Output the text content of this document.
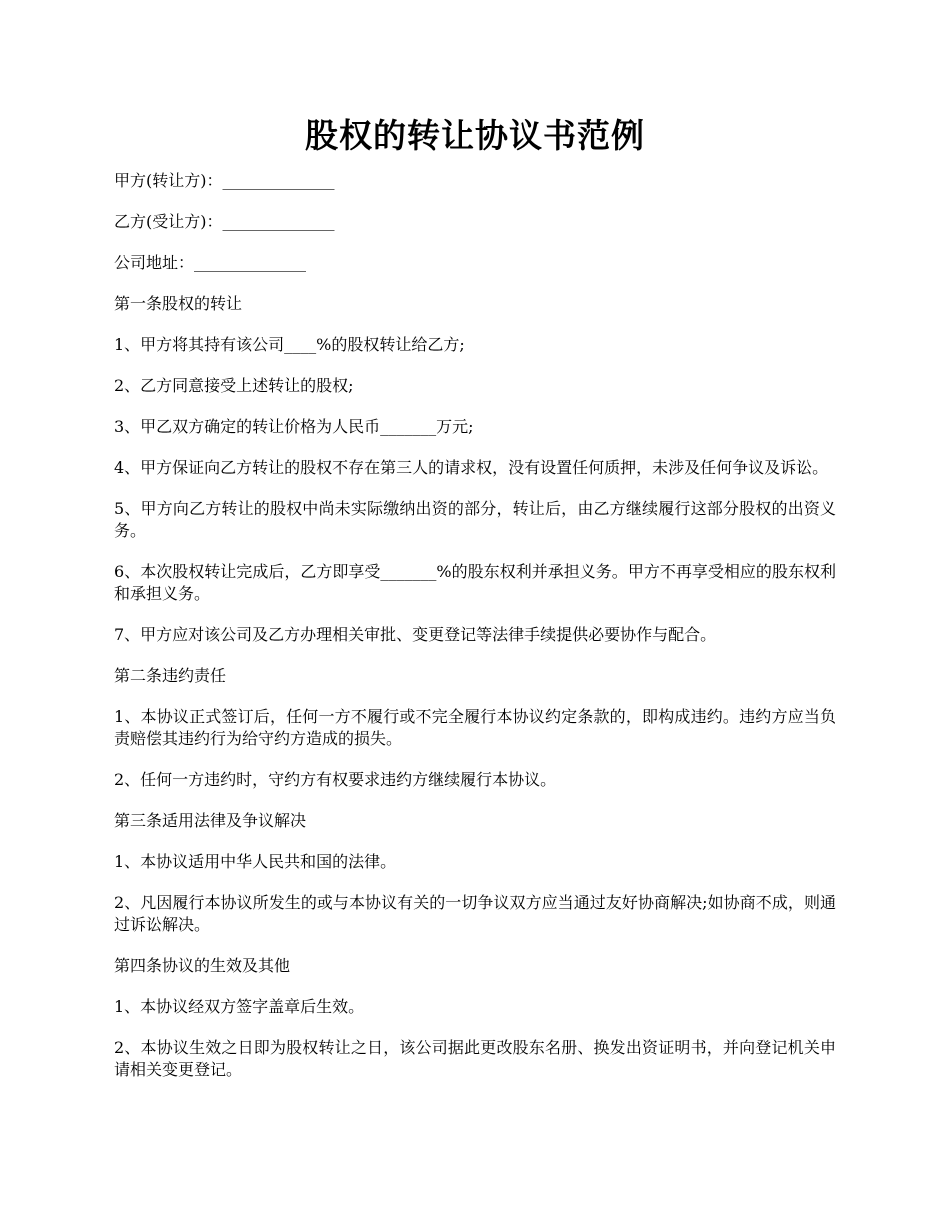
股权的转让协议书范例
甲方(转让方)：______________
乙方(受让方)：______________
公司地址：______________
第一条股权的转让
1、甲方将其持有该公司____%的股权转让给乙方;
2、乙方同意接受上述转让的股权;
3、甲乙双方确定的转让价格为人民币_______万元;
4、甲方保证向乙方转让的股权不存在第三人的请求权，没有设置任何质押，未涉及任何争议及诉讼。
5、甲方向乙方转让的股权中尚未实际缴纳出资的部分，转让后，由乙方继续履行这部分股权的出资义务。
6、本次股权转让完成后，乙方即享受_______%的股东权利并承担义务。甲方不再享受相应的股东权利和承担义务。
7、甲方应对该公司及乙方办理相关审批、变更登记等法律手续提供必要协作与配合。
第二条违约责任
1、本协议正式签订后，任何一方不履行或不完全履行本协议约定条款的，即构成违约。违约方应当负责赔偿其违约行为给守约方造成的损失。
2、任何一方违约时，守约方有权要求违约方继续履行本协议。
第三条适用法律及争议解决
1、本协议适用中华人民共和国的法律。
2、凡因履行本协议所发生的或与本协议有关的一切争议双方应当通过友好协商解决;如协商不成，则通过诉讼解决。
第四条协议的生效及其他
1、本协议经双方签字盖章后生效。
2、本协议生效之日即为股权转让之日，该公司据此更改股东名册、换发出资证明书，并向登记机关申请相关变更登记。
